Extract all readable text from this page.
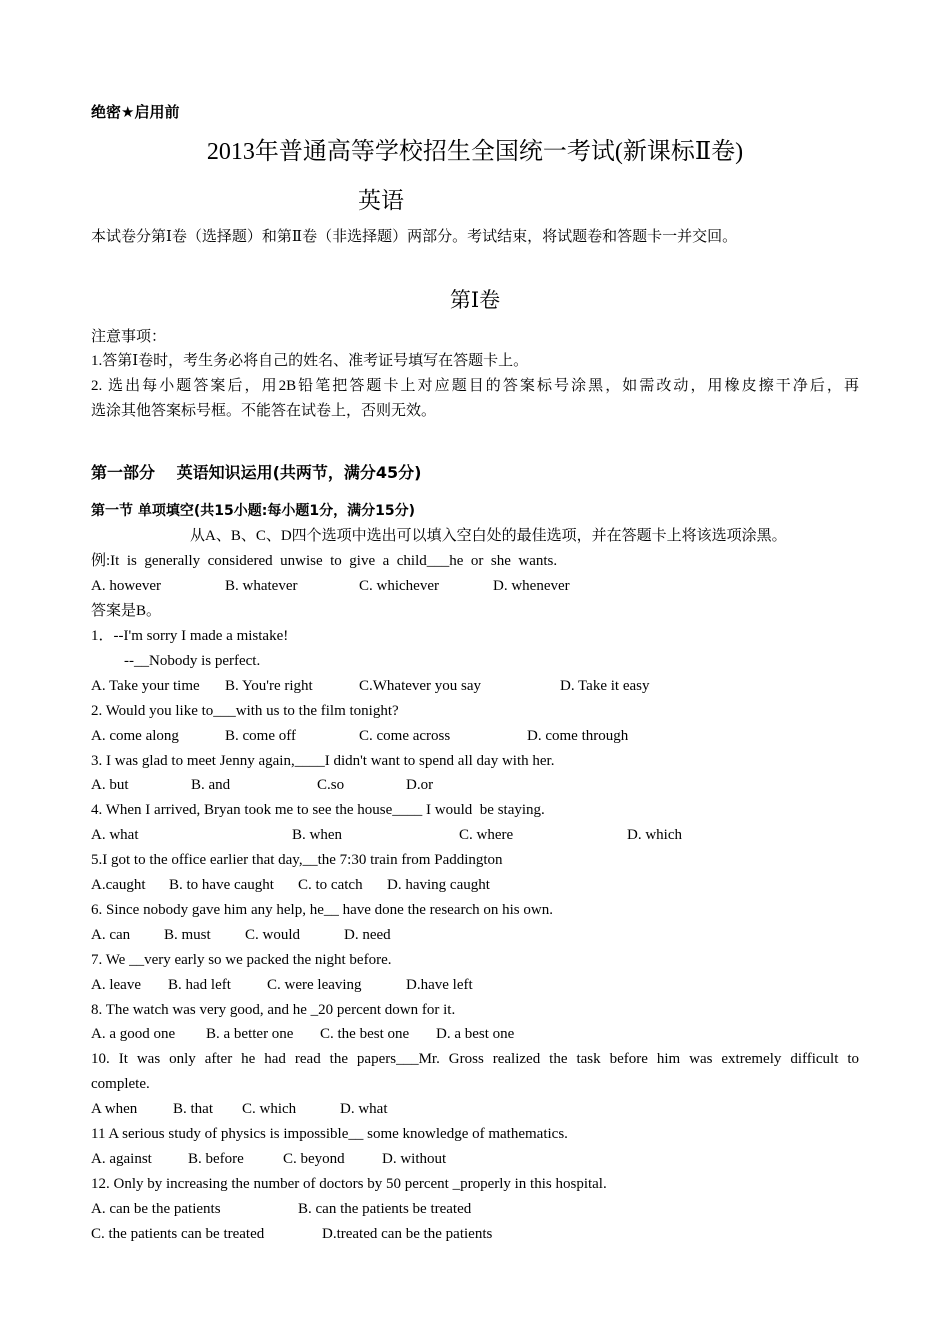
绝密★启用前
2013年普通高等学校招生全国统一考试(新课标Ⅱ卷)
英语
本试卷分第Ⅰ卷（选择题）和第Ⅱ卷（非选择题）两部分。考试结束，将试题卷和答题卡一并交回。
第Ⅰ卷
注意事项：
1.答第Ⅰ卷时，考生务必将自己的姓名、准考证号填写在答题卡上。
2. 选出每小题答案后，用2B铅笔把答题卡上对应题目的答案标号涂黑，如需改动，用橡皮擦干净后，再
选涂其他答案标号框。不能答在试卷上，否则无效。
第一部分　 英语知识运用(共两节，满分45分)
第一节 单项填空(共15小题:每小题1分，满分15分)
从A、B、C、D四个选项中选出可以填入空白处的最佳选项，并在答题卡上将该选项涂黑。
例:It  is  generally  considered  unwise  to  give  a  child___he  or  she  wants.
A. however	B. whatever	C. whichever	D. whenever
答案是B。
1．--I'm sorry I made a mistake!
--__Nobody is perfect.
A. Take your time B. You're right	C.Whatever you say	D. Take it easy
2. Would you like to___with us to the film tonight?
A. come along	B. come off	C. come across	D. come through
3. I was glad to meet Jenny again,____I didn't want to spend all day with her.
A. but	B. and	C.so	D.or
4. When I arrived, Bryan took me to see the house____ I would  be staying.
A. what	B. when	C. where	D. which
5.I got to the office earlier that day,__the 7:30 train from Paddington
A.caught B. to have caught C. to catch D. having caught
6. Since nobody gave him any help, he__ have done the research on his own.
A. can B. must C. would	D. need
7. We __very early so we packed the night before.
A. leave B. had left C. were leaving	D.have left
8. The watch was very good, and he _20 percent down for it.
A. a good one B. a better one C. the best one D. a best one
10. It was only after he had read the papers___Mr. Gross realized the task before him was extremely difficult to
complete.
A when B. that C. which	D. what
11 A serious study of physics is impossible__ some knowledge of mathematics.
A. against B. before	C. beyond D. without
12. Only by increasing the number of doctors by 50 percent _properly in this hospital.
A. can be the patients	B. can the patients be treated
C. the patients can be treated	D.treated can be the patients
